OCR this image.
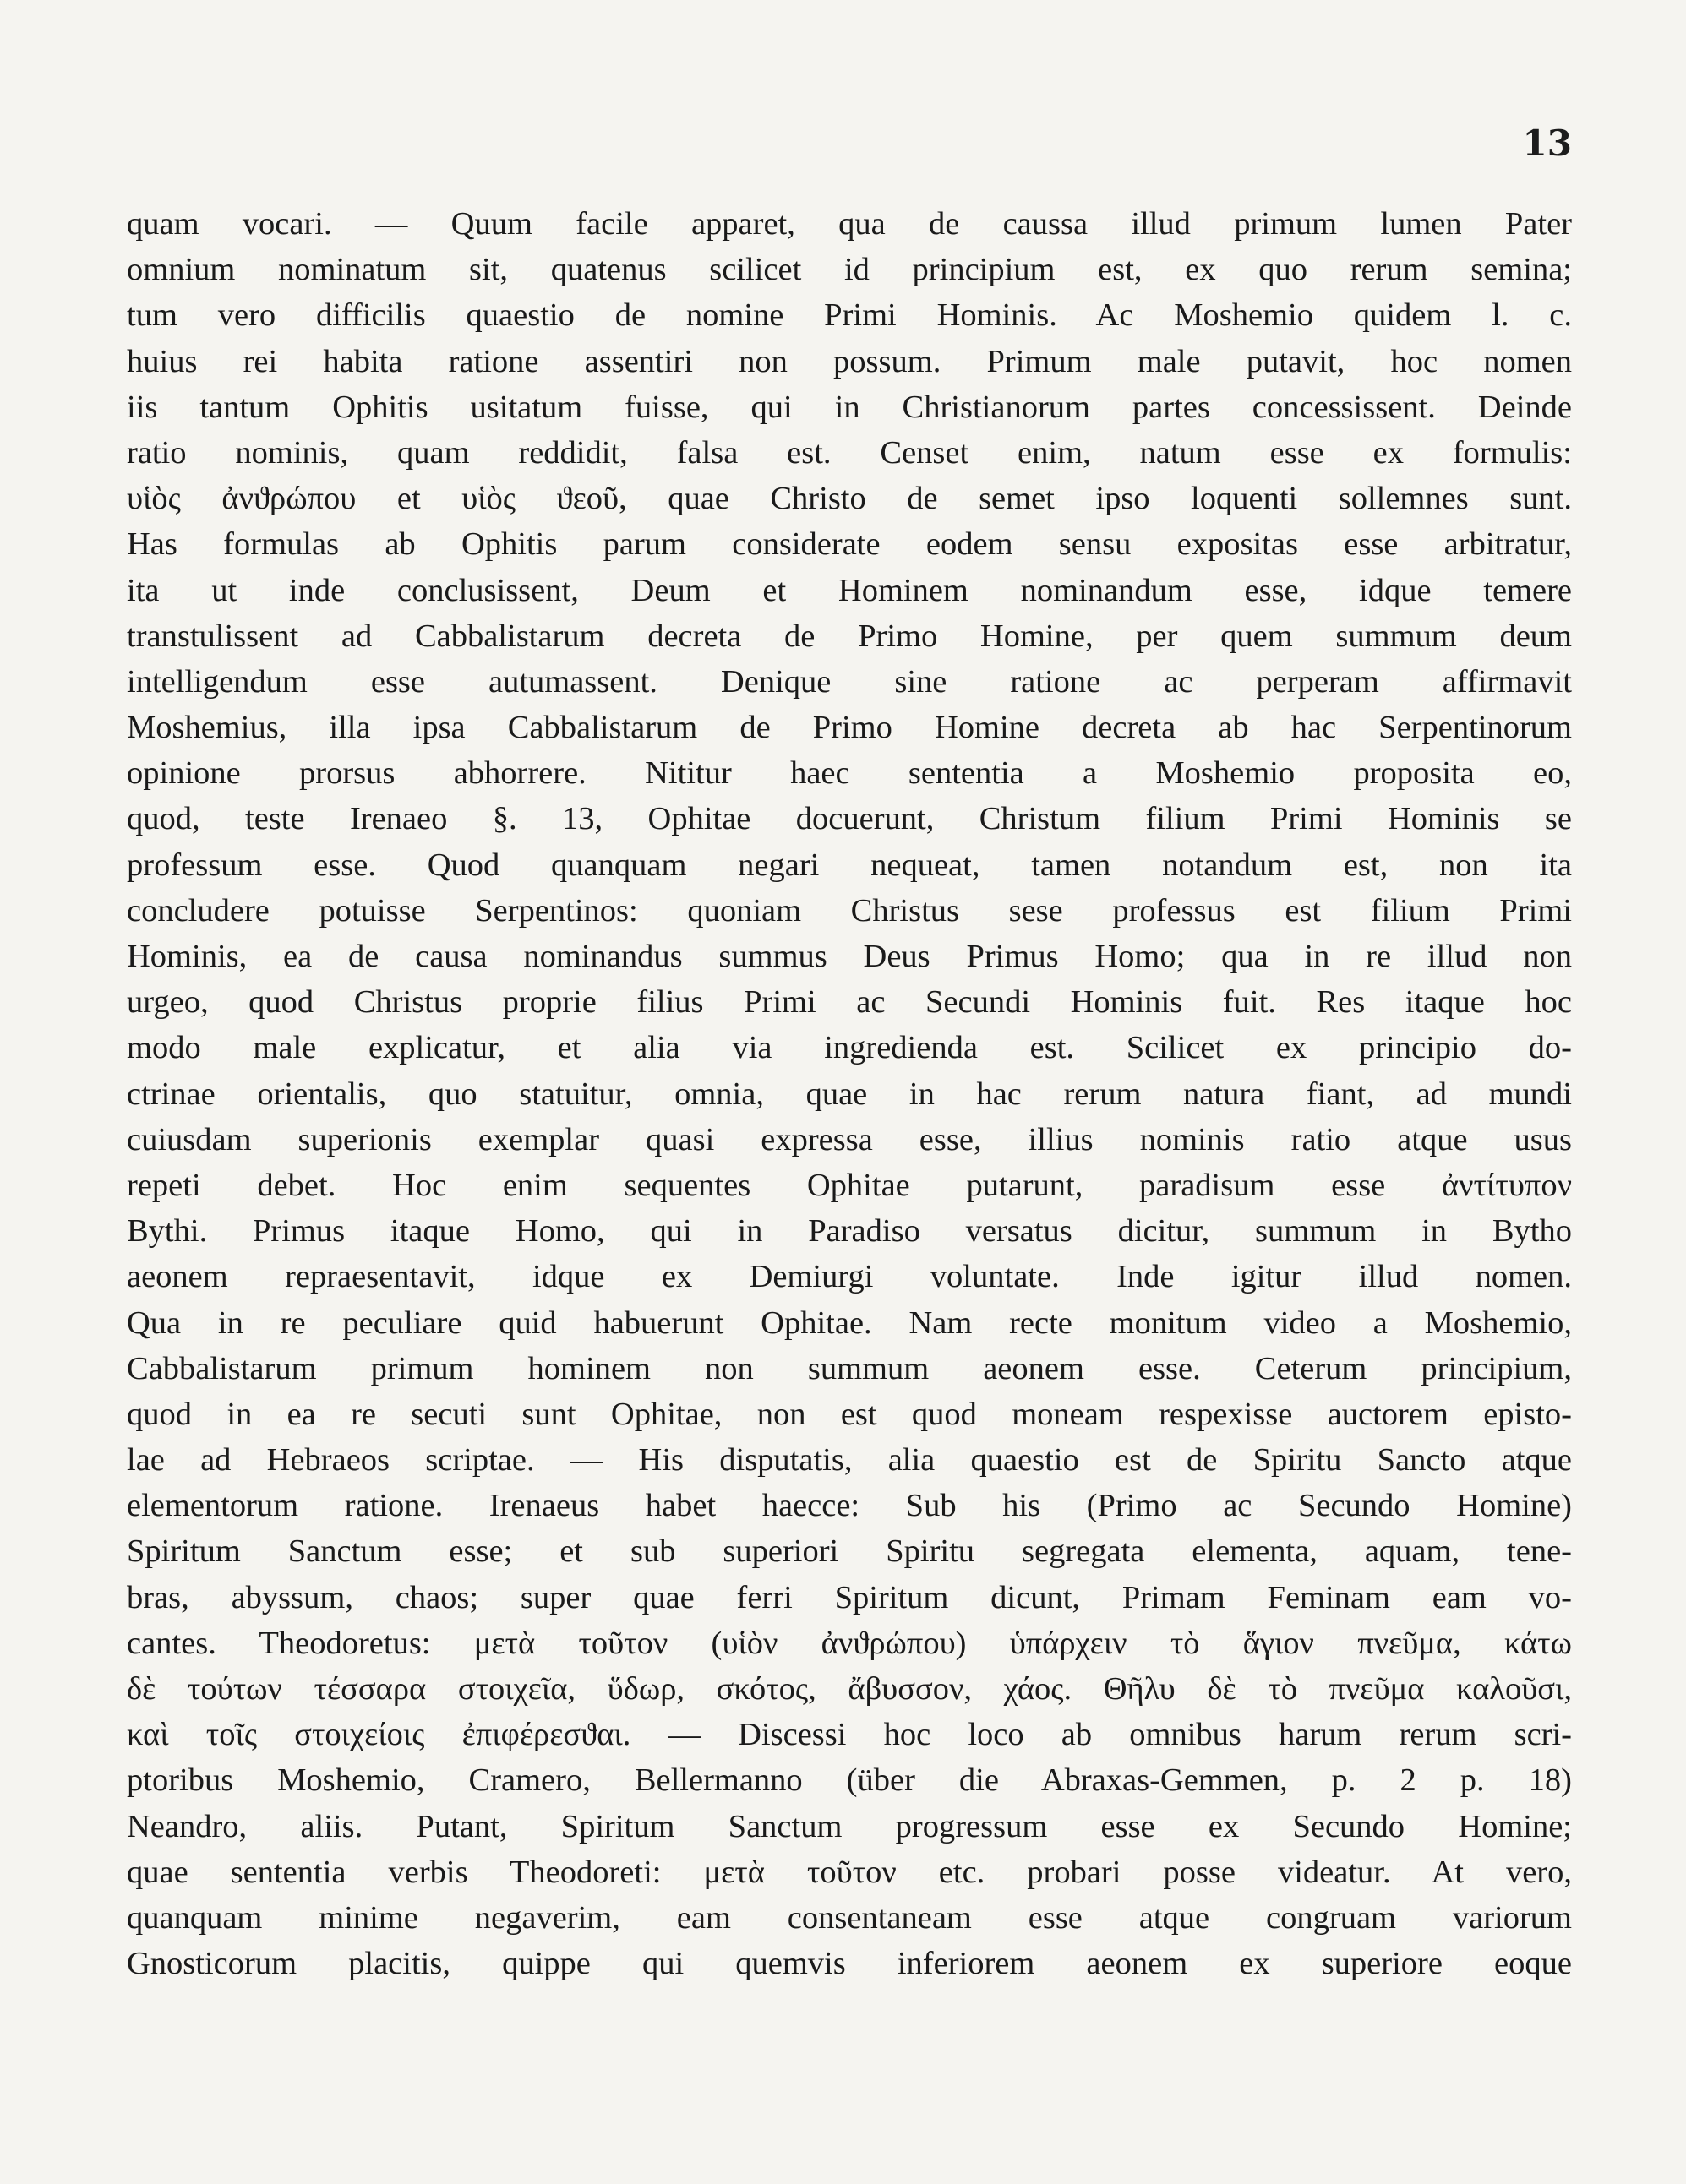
13
quam vocari. — Quum facile apparet, qua de caussa illud primum lumen Pater
omnium nominatum sit, quatenus scilicet id principium est, ex quo rerum semina;
tum vero difficilis quaestio de nomine Primi Hominis. Ac Moshemio quidem l. c.
huius rei habita ratione assentiri non possum. Primum male putavit, hoc nomen
iis tantum Ophitis usitatum fuisse, qui in Christianorum partes concessissent. Deinde
ratio nominis, quam reddidit, falsa est. Censet enim, natum esse ex formulis:
υἱὸς ἀνϑρώπου et υἱὸς ϑεοῦ, quae Christo de semet ipso loquenti sollemnes sunt.
Has formulas ab Ophitis parum considerate eodem sensu expositas esse arbitratur,
ita ut inde conclusissent, Deum et Hominem nominandum esse, idque temere
transtulissent ad Cabbalistarum decreta de Primo Homine, per quem summum deum
intelligendum esse autumassent. Denique sine ratione ac perperam affirmavit
Moshemius, illa ipsa Cabbalistarum de Primo Homine decreta ab hac Serpentinorum
opinione prorsus abhorrere. Nititur haec sententia a Moshemio proposita eo,
quod, teste Irenaeo §. 13, Ophitae docuerunt, Christum filium Primi Hominis se
professum esse. Quod quanquam negari nequeat, tamen notandum est, non ita
concludere potuisse Serpentinos: quoniam Christus sese professus est filium Primi
Hominis, ea de causa nominandus summus Deus Primus Homo; qua in re illud non
urgeo, quod Christus proprie filius Primi ac Secundi Hominis fuit. Res itaque hoc
modo male explicatur, et alia via ingredienda est. Scilicet ex principio do-
ctrinae orientalis, quo statuitur, omnia, quae in hac rerum natura fiant, ad mundi
cuiusdam superionis exemplar quasi expressa esse, illius nominis ratio atque usus
repeti debet. Hoc enim sequentes Ophitae putarunt, paradisum esse ἀντίτυπον
Bythi. Primus itaque Homo, qui in Paradiso versatus dicitur, summum in Bytho
aeonem repraesentavit, idque ex Demiurgi voluntate. Inde igitur illud nomen.
Qua in re peculiare quid habuerunt Ophitae. Nam recte monitum video a Moshemio,
Cabbalistarum primum hominem non summum aeonem esse. Ceterum principium,
quod in ea re secuti sunt Ophitae, non est quod moneam respexisse auctorem episto-
lae ad Hebraeos scriptae. — His disputatis, alia quaestio est de Spiritu Sancto atque
elementorum ratione. Irenaeus habet haecce: Sub his (Primo ac Secundo Homine)
Spiritum Sanctum esse; et sub superiori Spiritu segregata elementa, aquam, tene-
bras, abyssum, chaos; super quae ferri Spiritum dicunt, Primam Feminam eam vo-
cantes. Theodoretus: μετὰ τοῦτον (υἱὸν ἀνϑρώπου) ὑπάρχειν τὸ ἅγιον πνεῦμα, κάτω
δὲ τούτων τέσσαρα στοιχεῖα, ὕδωρ, σκότος, ἄβυσσον, χάος. Θῆλυ δὲ τὸ πνεῦμα καλοῦσι,
καὶ τοῖς στοιχείοις ἐπιφέρεσϑαι. — Discessi hoc loco ab omnibus harum rerum scri-
ptoribus Moshemio, Cramero, Bellermanno (über die Abraxas-Gemmen, p. 2 p. 18)
Neandro, aliis. Putant, Spiritum Sanctum progressum esse ex Secundo Homine;
quae sententia verbis Theodoreti: μετὰ τοῦτον etc. probari posse videatur. At vero,
quanquam minime negaverim, eam consentaneam esse atque congruam variorum
Gnosticorum placitis, quippe qui quemvis inferiorem aeonem ex superiore eoque
